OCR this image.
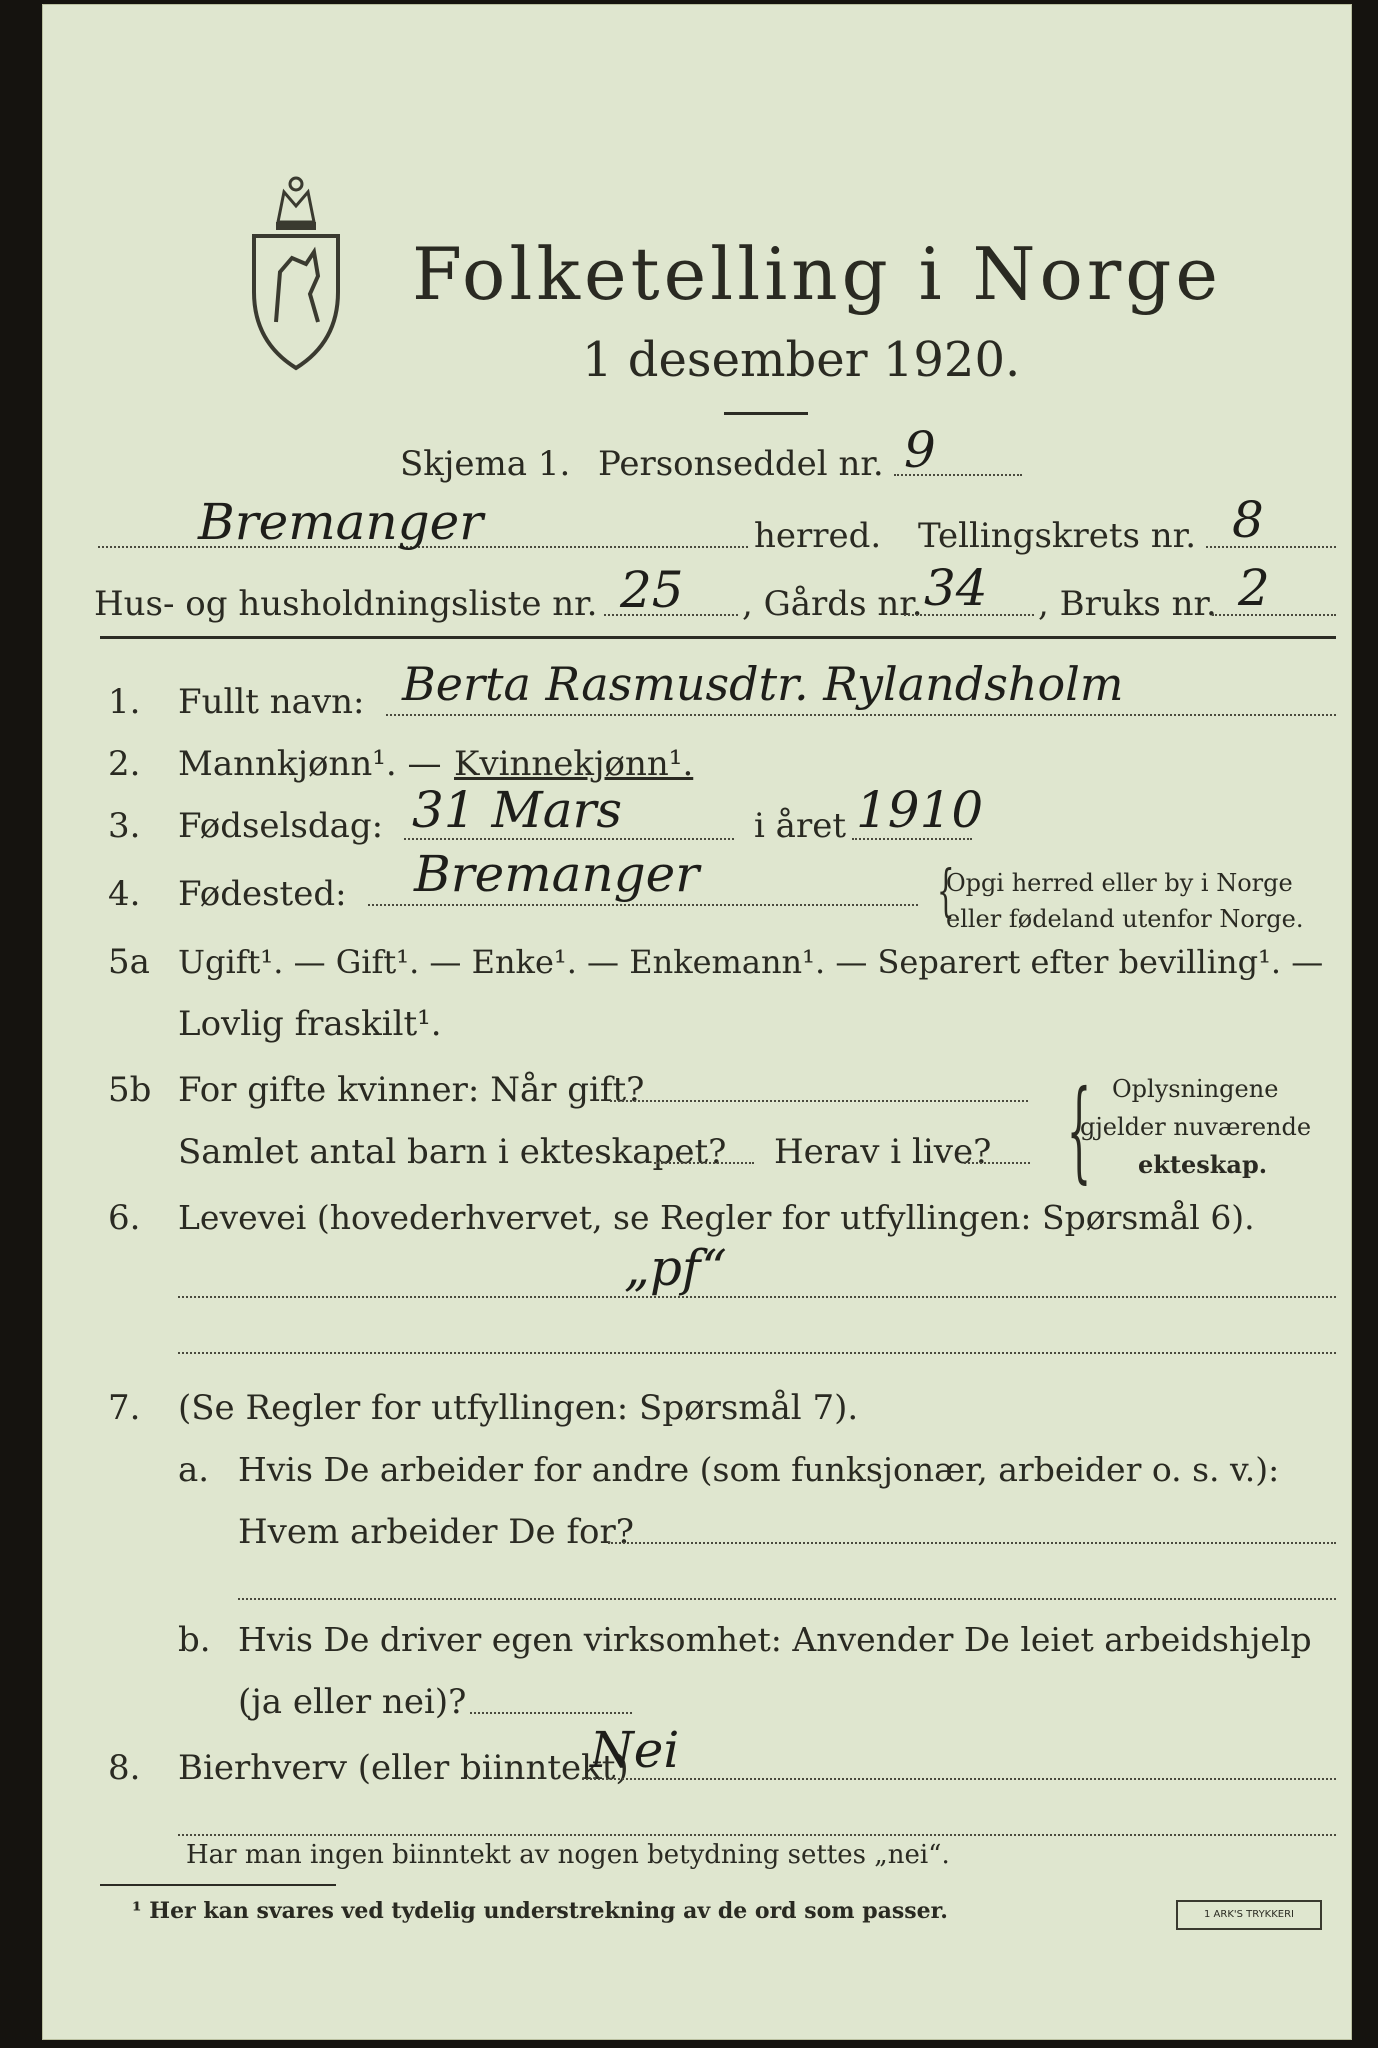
Folketelling i Norge
1 desember 1920.
Skjema 1. Personseddel nr. 9
Bremanger	herred. Tellingskrets nr. 8
Hus- og husholdningsliste nr. 25 , Gårds nr. 34 , Bruks nr. 2
1. Fullt navn: Berta Rasmusdtr. Rylandsholm
2. Mannkjønn¹. — Kvinnekjønn¹.
3. Fødselsdag: 31 Mars	i året 1910
4. Fødested: Bremanger	{
Opgi herred eller by i Norge
eller fødeland utenfor Norge.
5a Ugift¹. — Gift¹. — Enke¹. — Enkemann¹. — Separert efter bevilling¹. —
Lovlig fraskilt¹.
5b For gifte kvinner: Når gift?
Samlet antal barn i ekteskapet? Herav i live? { Oplysningene
gjelder nuværende
ekteskap.
6. Levevei (hovederhvervet, se Regler for utfyllingen: Spørsmål 6).
„pf“
7. (Se Regler for utfyllingen: Spørsmål 7).
a. Hvis De arbeider for andre (som funksjonær, arbeider o. s. v.):
Hvem arbeider De for?
b. Hvis De driver egen virksomhet: Anvender De leiet arbeidshjelp
(ja eller nei)?
8. Bierhverv (eller biinntekt)
Nei
Har man ingen biinntekt av nogen betydning settes „nei“.
¹ Her kan svares ved tydelig understrekning av de ord som passer.	1 ARK'S TRYKKERI
